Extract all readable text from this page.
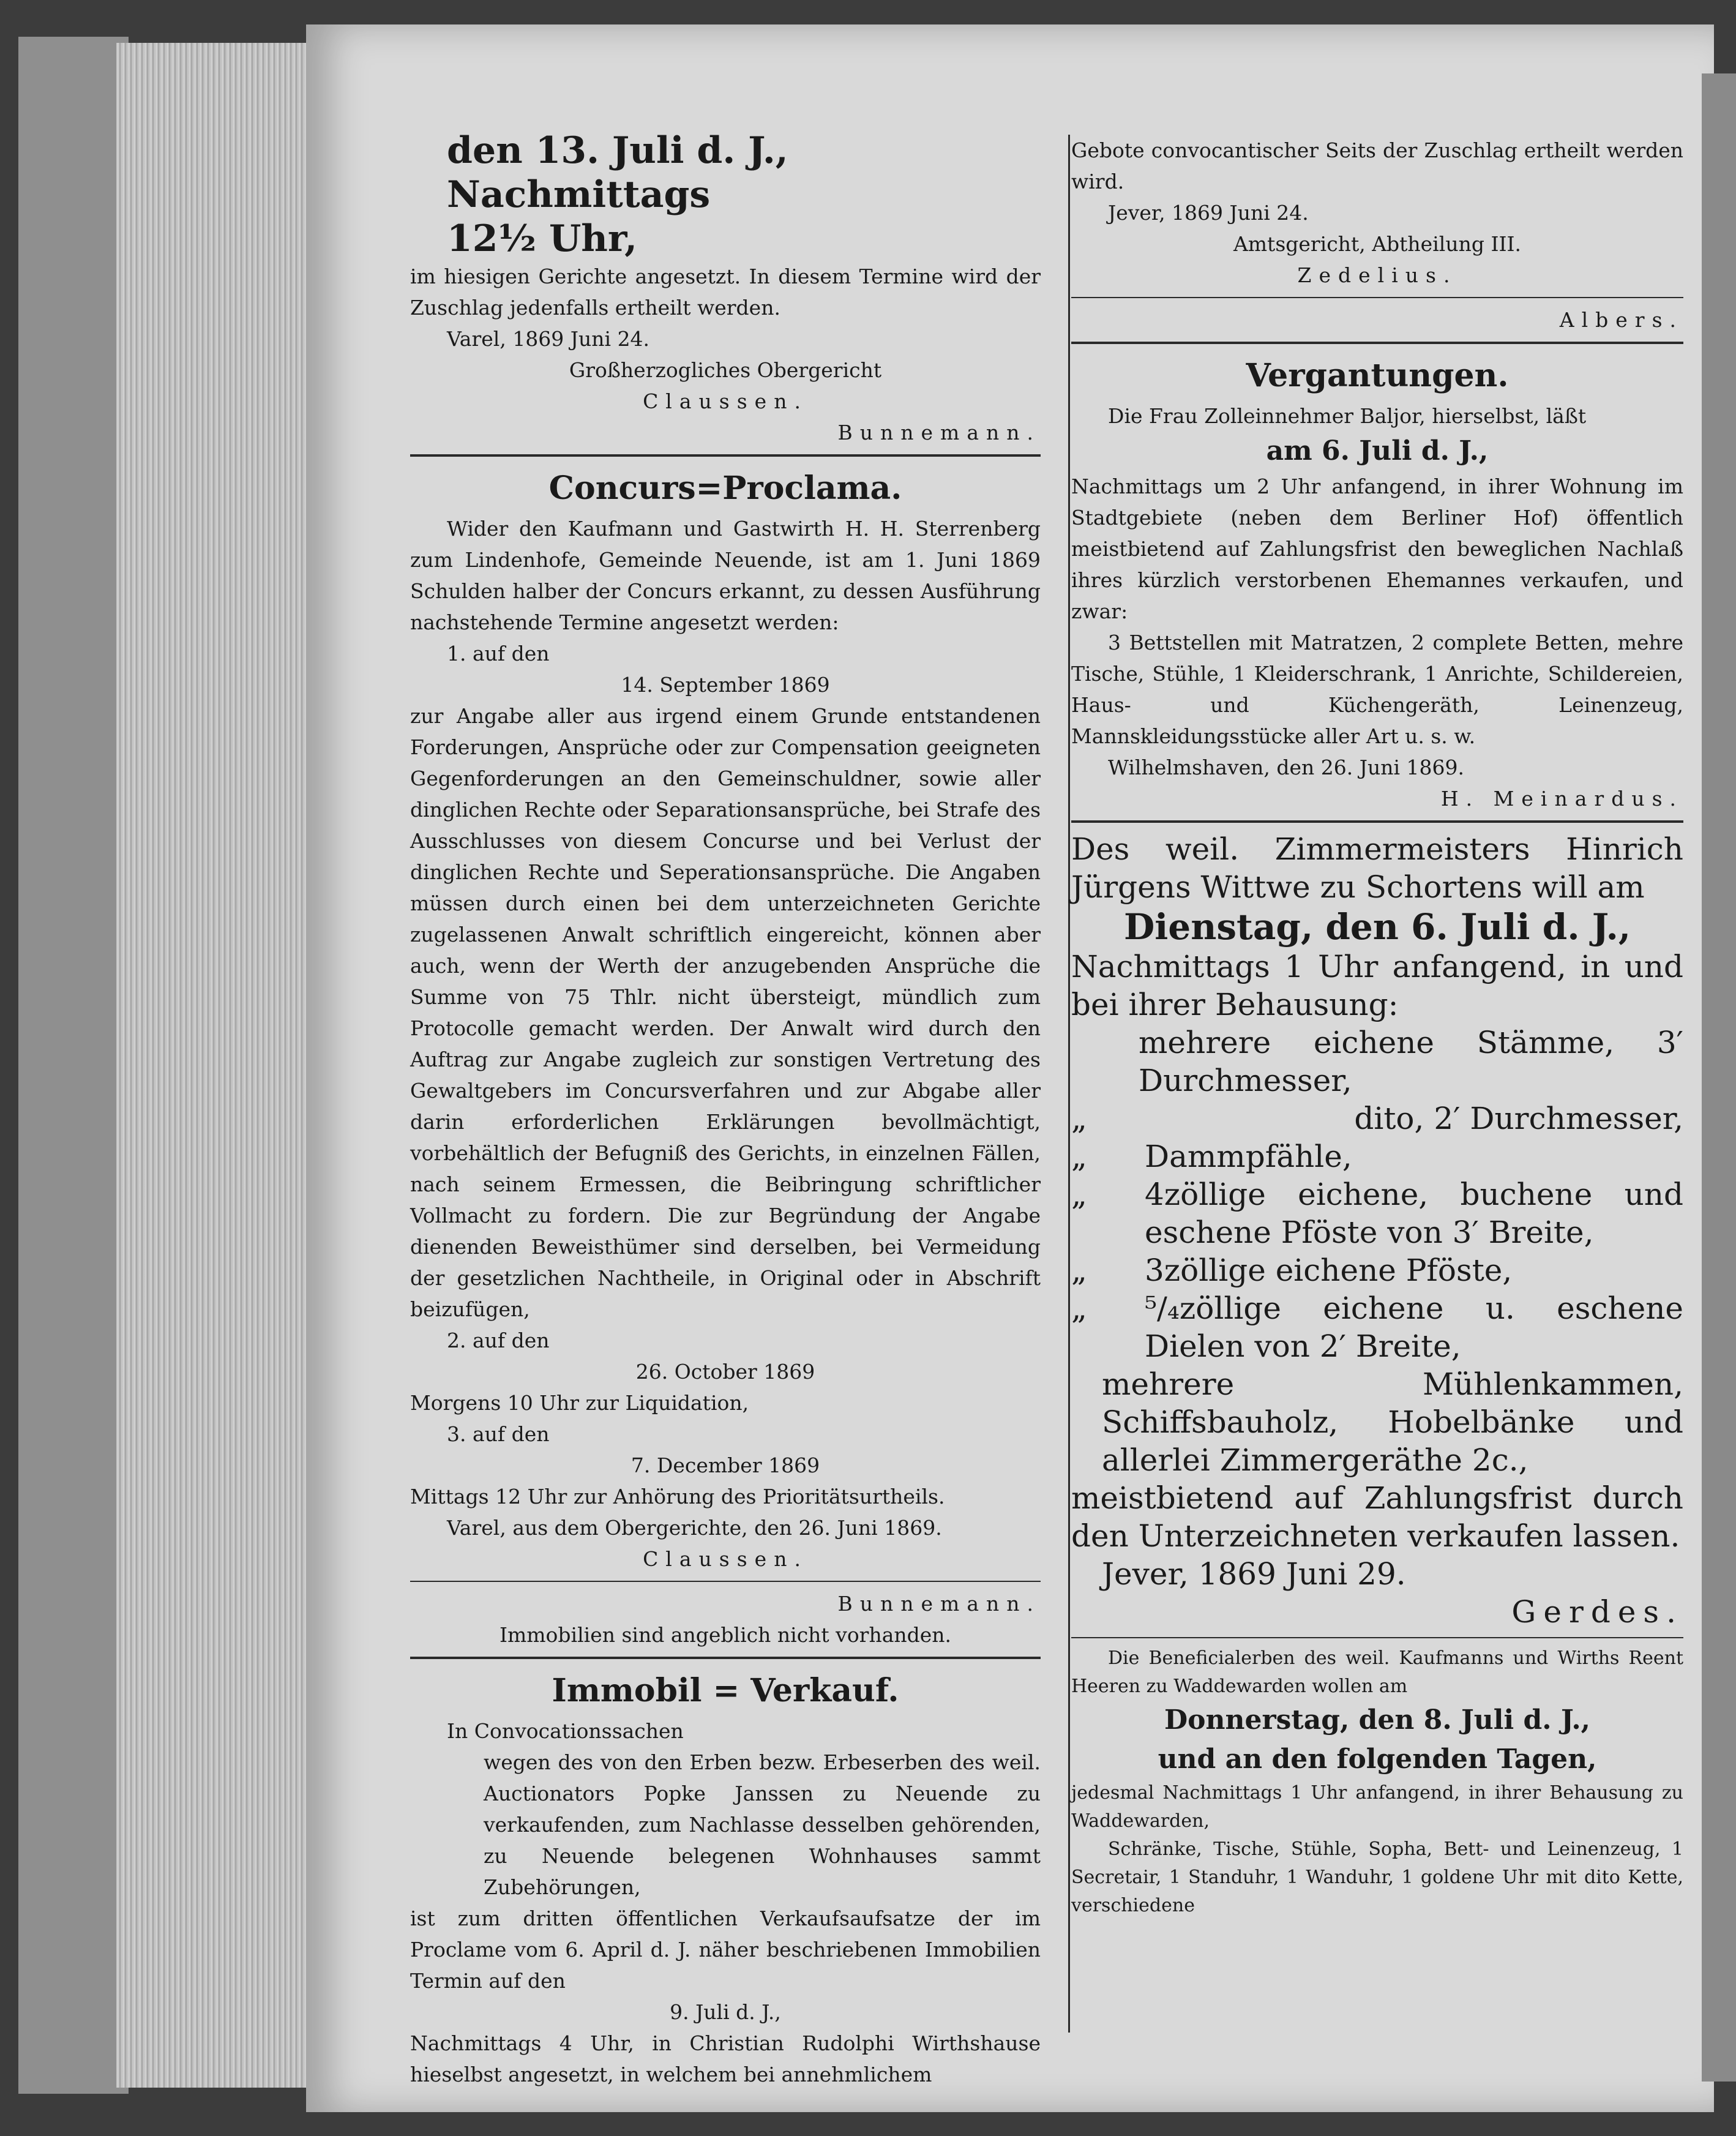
den 13. Juli d. J., Nachmittags

12½ Uhr,

im hiesigen Gerichte angesetzt. In diesem Termine wird der Zuschlag jedenfalls ertheilt werden.

Varel, 1869 Juni 24.

Großherzogliches Obergericht

Claussen.

Bunnemann.

Concurs=Proclama.

Wider den Kaufmann und Gastwirth H. H. Sterrenberg zum Lindenhofe, Gemeinde Neuende, ist am 1. Juni 1869 Schulden halber der Concurs erkannt, zu dessen Ausführung nachstehende Termine angesetzt werden:

1. auf den

14. September 1869

zur Angabe aller aus irgend einem Grunde entstandenen Forderungen, Ansprüche oder zur Compensation geeigneten Gegenforderungen an den Gemeinschuldner, sowie aller dinglichen Rechte oder Separationsansprüche, bei Strafe des Ausschlusses von diesem Concurse und bei Verlust der dinglichen Rechte und Seperationsansprüche. Die Angaben müssen durch einen bei dem unterzeichneten Gerichte zugelassenen Anwalt schriftlich eingereicht, können aber auch, wenn der Werth der anzugebenden Ansprüche die Summe von 75 Thlr. nicht übersteigt, mündlich zum Protocolle gemacht werden. Der Anwalt wird durch den Auftrag zur Angabe zugleich zur sonstigen Vertretung des Gewaltgebers im Concursverfahren und zur Abgabe aller darin erforderlichen Erklärungen bevollmächtigt, vorbehältlich der Befugniß des Gerichts, in einzelnen Fällen, nach seinem Ermessen, die Beibringung schriftlicher Vollmacht zu fordern. Die zur Begründung der Angabe dienenden Beweisthümer sind derselben, bei Vermeidung der gesetzlichen Nachtheile, in Original oder in Abschrift beizufügen,

2. auf den

26. October 1869

Morgens 10 Uhr zur Liquidation,

3. auf den

7. December 1869

Mittags 12 Uhr zur Anhörung des Prioritätsurtheils.

Varel, aus dem Obergerichte, den 26. Juni 1869.

Claussen.

Bunnemann.

Immobilien sind angeblich nicht vorhanden.

Immobil = Verkauf.

In Convocationssachen

wegen des von den Erben bezw. Erbeserben des weil. Auctionators Popke Janssen zu Neuende zu verkaufenden, zum Nachlasse desselben gehörenden, zu Neuende belegenen Wohnhauses sammt Zubehörungen,

ist zum dritten öffentlichen Verkaufsaufsatze der im Proclame vom 6. April d. J. näher beschriebenen Immobilien Termin auf den

9. Juli d. J.,

Nachmittags 4 Uhr, in Christian Rudolphi Wirthshause hieselbst angesetzt, in welchem bei annehmlichem

Gebote convocantischer Seits der Zuschlag ertheilt werden wird.

Jever, 1869 Juni 24.

Amtsgericht, Abtheilung III.

Zedelius.

Albers.

Vergantungen.

Die Frau Zolleinnehmer Baljor, hierselbst, läßt

am 6. Juli d. J.,

Nachmittags um 2 Uhr anfangend, in ihrer Wohnung im Stadtgebiete (neben dem Berliner Hof) öffentlich meistbietend auf Zahlungsfrist den beweglichen Nachlaß ihres kürzlich verstorbenen Ehemannes verkaufen, und zwar:

3 Bettstellen mit Matratzen, 2 complete Betten, mehre Tische, Stühle, 1 Kleiderschrank, 1 Anrichte, Schildereien, Haus- und Küchengeräth, Leinenzeug, Mannskleidungsstücke aller Art u. s. w.

Wilhelmshaven, den 26. Juni 1869.

H. Meinardus.

Des weil. Zimmermeisters Hinrich Jürgens Wittwe zu Schortens will am

Dienstag, den 6. Juli d. J.,

Nachmittags 1 Uhr anfangend, in und bei ihrer Behausung:

mehrere eichene Stämme, 3′ Durchmesser,

„	dito, 2′ Durchmesser,
„	Dammpfähle,
„	4zöllige eichene, buchene und eschene Pföste von 3′ Breite,
„	3zöllige eichene Pföste,
„	⁵/₄zöllige eichene u. eschene Dielen von 2′ Breite,

mehrere Mühlenkammen, Schiffsbauholz, Hobelbänke und allerlei Zimmergeräthe 2c.,

meistbietend auf Zahlungsfrist durch den Unterzeichneten verkaufen lassen.

Jever, 1869 Juni 29.

Gerdes.

Die Beneficialerben des weil. Kaufmanns und Wirths Reent Heeren zu Waddewarden wollen am

Donnerstag, den 8. Juli d. J.,

und an den folgenden Tagen,

jedesmal Nachmittags 1 Uhr anfangend, in ihrer Behausung zu Waddewarden,

Schränke, Tische, Stühle, Sopha, Bett- und Leinenzeug, 1 Secretair, 1 Standuhr, 1 Wanduhr, 1 goldene Uhr mit dito Kette, verschiedene
